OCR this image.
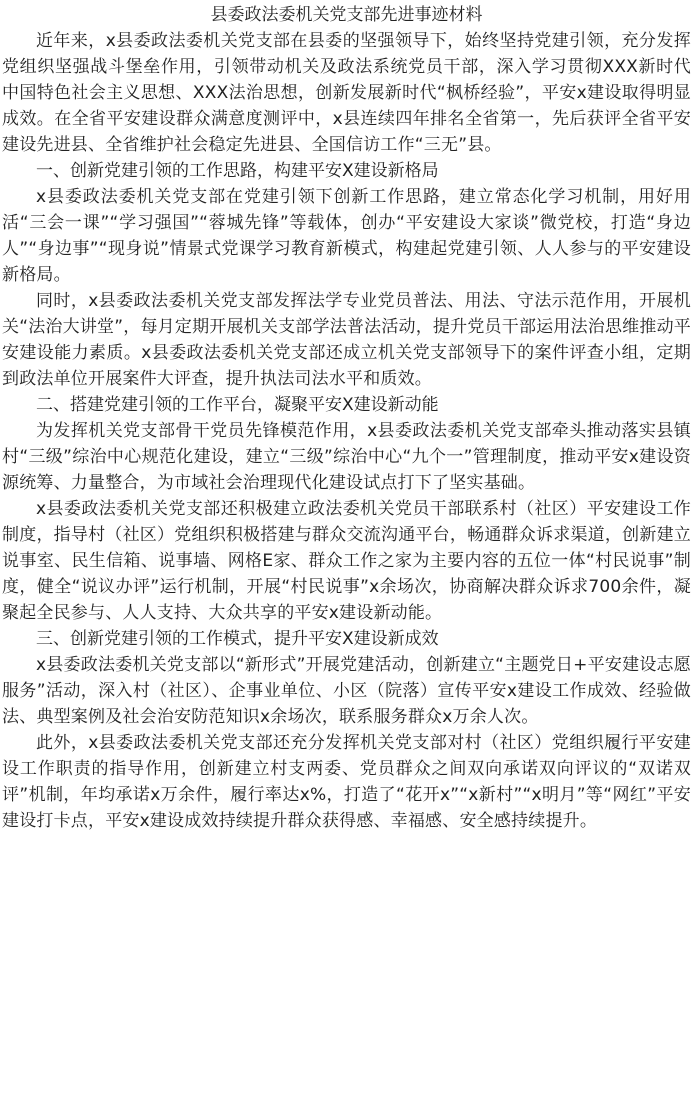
县委政法委机关党支部先进事迹材料

近年来，x县委政法委机关党支部在县委的坚强领导下，始终坚持党建引领，充分发挥党组织坚强战斗堡垒作用，引领带动机关及政法系统党员干部，深入学习贯彻XXX新时代中国特色社会主义思想、XXX法治思想，创新发展新时代“枫桥经验”，平安x建设取得明显成效。在全省平安建设群众满意度测评中，x县连续四年排名全省第一，先后获评全省平安建设先进县、全省维护社会稳定先进县、全国信访工作“三无”县。

一、创新党建引领的工作思路，构建平安X建设新格局

x县委政法委机关党支部在党建引领下创新工作思路，建立常态化学习机制，用好用活“三会一课”“学习强国”“蓉城先锋”等载体，创办“平安建设大家谈”微党校，打造“身边人”“身边事”“现身说”情景式党课学习教育新模式，构建起党建引领、人人参与的平安建设新格局。

同时，x县委政法委机关党支部发挥法学专业党员普法、用法、守法示范作用，开展机关“法治大讲堂”，每月定期开展机关支部学法普法活动，提升党员干部运用法治思维推动平安建设能力素质。x县委政法委机关党支部还成立机关党支部领导下的案件评查小组，定期到政法单位开展案件大评查，提升执法司法水平和质效。

二、搭建党建引领的工作平台，凝聚平安X建设新动能

为发挥机关党支部骨干党员先锋模范作用，x县委政法委机关党支部牵头推动落实县镇村“三级”综治中心规范化建设，建立“三级”综治中心“九个一”管理制度，推动平安x建设资源统筹、力量整合，为市域社会治理现代化建设试点打下了坚实基础。

x县委政法委机关党支部还积极建立政法委机关党员干部联系村（社区）平安建设工作制度，指导村（社区）党组织积极搭建与群众交流沟通平台，畅通群众诉求渠道，创新建立说事室、民生信箱、说事墙、网格E家、群众工作之家为主要内容的五位一体“村民说事”制度，健全“说议办评”运行机制，开展“村民说事”x余场次，协商解决群众诉求700余件，凝聚起全民参与、人人支持、大众共享的平安x建设新动能。

三、创新党建引领的工作模式，提升平安X建设新成效

x县委政法委机关党支部以“新形式”开展党建活动，创新建立“主题党日+平安建设志愿服务”活动，深入村（社区）、企事业单位、小区（院落）宣传平安x建设工作成效、经验做法、典型案例及社会治安防范知识x余场次，联系服务群众x万余人次。

此外，x县委政法委机关党支部还充分发挥机关党支部对村（社区）党组织履行平安建设工作职责的指导作用，创新建立村支两委、党员群众之间双向承诺双向评议的“双诺双评”机制，年均承诺x万余件，履行率达x%，打造了“花开x”“x新村”“x明月”等“网红”平安建设打卡点，平安x建设成效持续提升群众获得感、幸福感、安全感持续提升。
